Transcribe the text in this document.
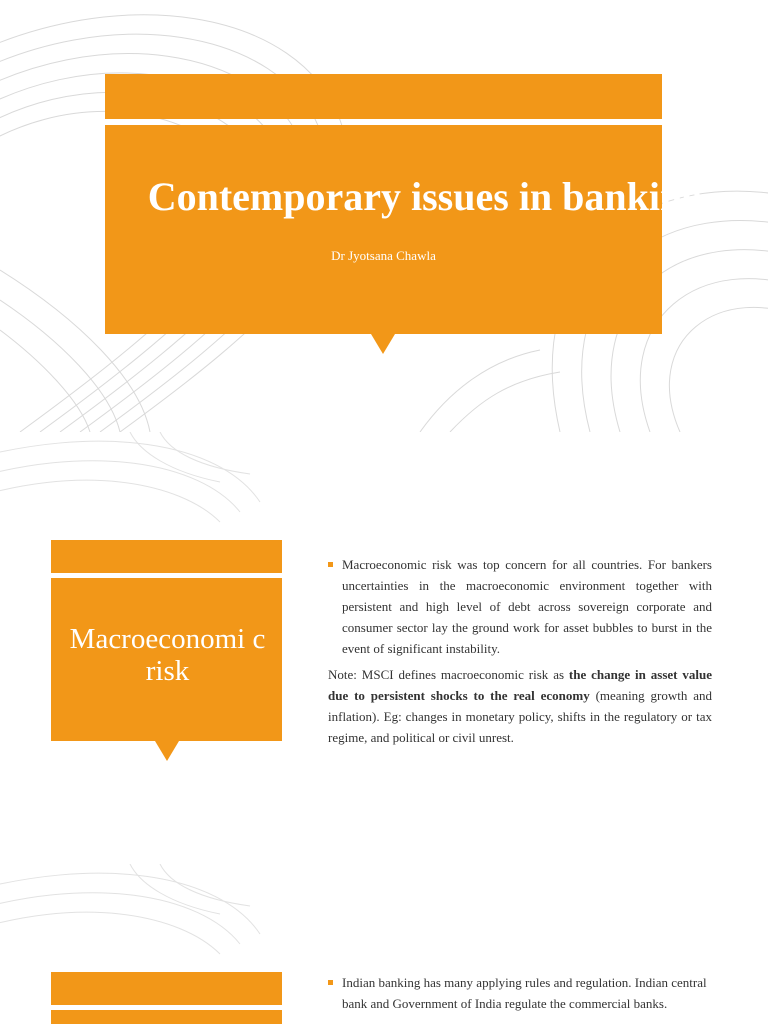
Contemporary issues in banking
Dr Jyotsana Chawla
Macroeconomi c risk

Macroeconomic risk was top concern for all countries. For bankers uncertainties in the macroeconomic environment together with persistent and high level of debt across sovereign corporate and consumer sector lay the ground work for asset bubbles to burst in the event of significant instability.

Note: MSCI defines macroeconomic risk as the change in asset value due to persistent shocks to the real economy (meaning growth and inflation). Eg: changes in monetary policy, shifts in the regulatory or tax regime, and political or civil unrest.

Indian banking has many applying rules and regulation. Indian central bank and Government of India regulate the commercial banks.
